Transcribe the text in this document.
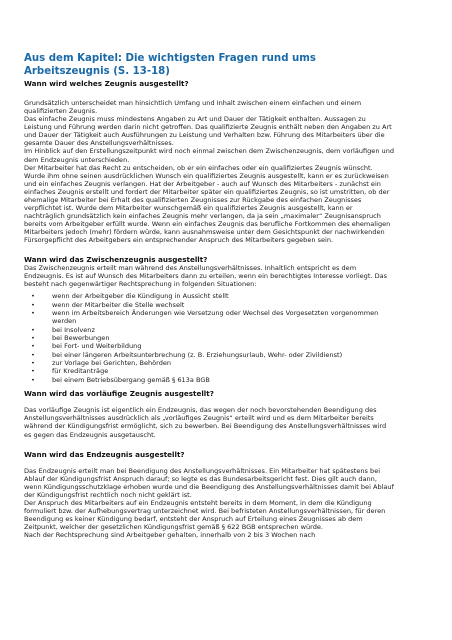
Aus dem Kapitel: Die wichtigsten Fragen rund ums Arbeitszeugnis (S. 13-18)
Wann wird welches Zeugnis ausgestellt?

Grundsätzlich unterscheidet man hinsichtlich Umfang und Inhalt zwischen einem einfachen und einem qualifizierten Zeugnis.

Das einfache Zeugnis muss mindestens Angaben zu Art und Dauer der Tätigkeit enthalten. Aussagen zu Leistung und Führung werden darin nicht getroffen. Das qualifizierte Zeugnis enthält neben den Angaben zu Art und Dauer der Tätigkeit auch Ausführungen zu Leistung und Verhalten bzw. Führung des Mitarbeiters über die gesamte Dauer des Anstellungsverhältnisses.

Im Hinblick auf den Erstellungszeitpunkt wird noch einmal zwischen dem Zwischenzeugnis, dem vorläufigen und dem Endzeugnis unterschieden.

Der Mitarbeiter hat das Recht zu entscheiden, ob er ein einfaches oder ein qualifiziertes Zeugnis wünscht. Wurde ihm ohne seinen ausdrücklichen Wunsch ein qualifiziertes Zeugnis ausgestellt, kann er es zurückweisen und ein einfaches Zeugnis verlangen. Hat der Arbeitgeber - auch auf Wunsch des Mitarbeiters - zunächst ein einfaches Zeugnis erstellt und fordert der Mitarbeiter später ein qualifiziertes Zeugnis, so ist umstritten, ob der ehemalige Mitarbeiter bei Erhalt des qualifizierten Zeugnisses zur Rückgabe des einfachen Zeugnisses verpflichtet ist. Wurde dem Mitarbeiter wunschgemäß ein qualifiziertes Zeugnis ausgestellt, kann er nachträglich grundsätzlich kein einfaches Zeugnis mehr verlangen, da ja sein „maximaler“ Zeugnisanspruch bereits vom Arbeitgeber erfüllt wurde. Wenn ein einfaches Zeugnis das berufliche Fortkommen des ehemaligen Mitarbeiters jedoch (mehr) fördern würde, kann ausnahmsweise unter dem Gesichtspunkt der nachwirkenden Fürsorgepflicht des Arbeitgebers ein entsprechender Anspruch des Mitarbeiters gegeben sein.

Wann wird das Zwischenzeugnis ausgestellt?

Das Zwischenzeugnis erteilt man während des Anstellungsverhältnisses. Inhaltlich entspricht es dem Endzeugnis. Es ist auf Wunsch des Mitarbeiters dann zu erteilen, wenn ein berechtigtes Interesse vorliegt. Das besteht nach gegenwärtiger Rechtsprechung in folgenden Situationen:

•	wenn der Arbeitgeber die Kündigung in Aussicht stellt
•	wenn der Mitarbeiter die Stelle wechselt
•	wenn im Arbeitsbereich Änderungen wie Versetzung oder Wechsel des Vorgesetzten vorgenommen werden
•	bei Insolvenz
•	bei Bewerbungen
•	bei Fort- und Weiterbildung
•	bei einer längeren Arbeitsunterbrechung (z. B. Erziehungsurlaub, Wehr- oder Zivildienst)
•	zur Vorlage bei Gerichten, Behörden
•	für Kreditanträge
•	bei einem Betriebsübergang gemäß § 613a BGB
Wann wird das vorläufige Zeugnis ausgestellt?

Das vorläufige Zeugnis ist eigentlich ein Endzeugnis, das wegen der noch bevorstehenden Beendigung des Anstellungsverhältnisses ausdrücklich als „vorläufiges Zeugnis“ erteilt wird und es dem Mitarbeiter bereits während der Kündigungsfrist ermöglicht, sich zu bewerben. Bei Beendigung des Anstellungsverhältnisses wird es gegen das Endzeugnis ausgetauscht.

Wann wird das Endzeugnis ausgestellt?

Das Endzeugnis erteilt man bei Beendigung des Anstellungsverhältnisses. Ein Mitarbeiter hat spätestens bei Ablauf der Kündigungsfrist Anspruch darauf; so legte es das Bundesarbeitsgericht fest. Dies gilt auch dann, wenn Kündigungsschutzklage erhoben wurde und die Beendigung des Anstellungsverhältnisses damit bei Ablauf der Kündigungsfrist rechtlich noch nicht geklärt ist.

Der Anspruch des Mitarbeiters auf ein Endzeugnis entsteht bereits in dem Moment, in dem die Kündigung formuliert bzw. der Aufhebungsvertrag unterzeichnet wird. Bei befristeten Anstellungsverhältnissen, für deren Beendigung es keiner Kündigung bedarf, entsteht der Anspruch auf Erteilung eines Zeugnisses ab dem Zeitpunkt, welcher der gesetzlichen Kündigungsfrist gemäß § 622 BGB entsprechen würde.

Nach der Rechtsprechung sind Arbeitgeber gehalten, innerhalb von 2 bis 3 Wochen nach
